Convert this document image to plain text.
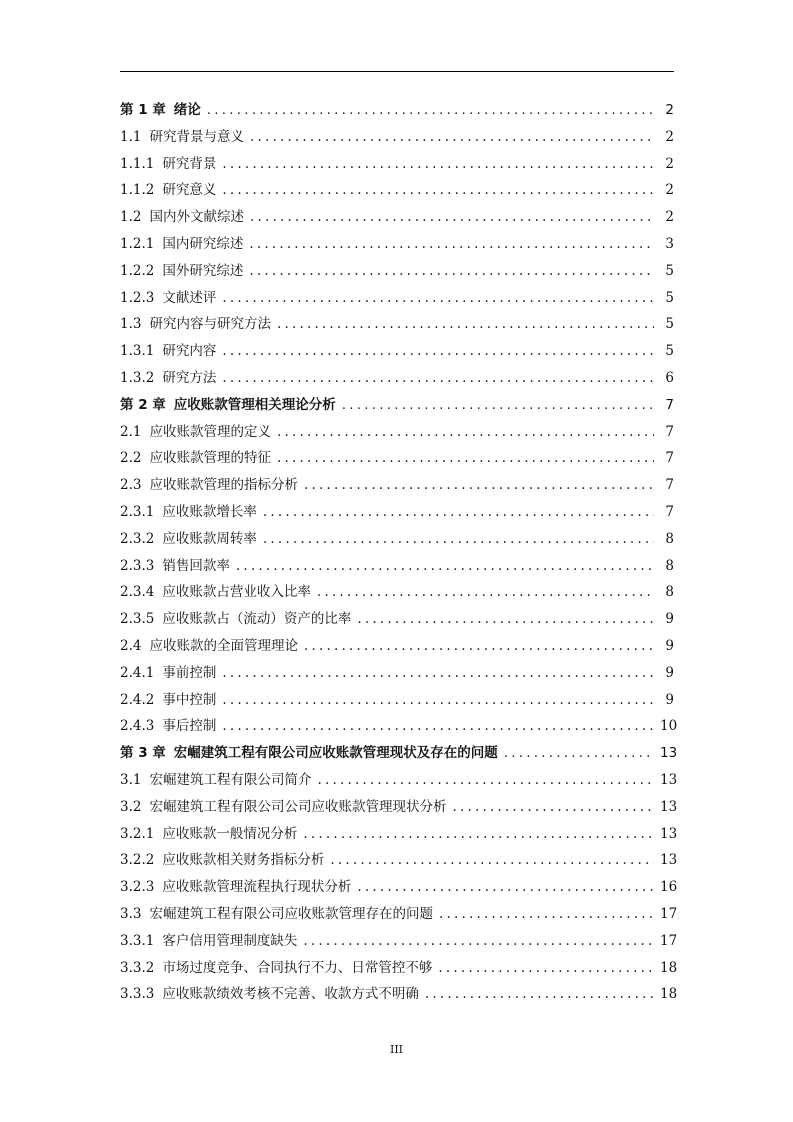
第 1 章 绪论 .....	2
1.1 研究背景与意义 .....	2
1.1.1 研究背景 .....	2
1.1.2 研究意义 .....	2
1.2 国内外文献综述 .....	2
1.2.1 国内研究综述 .....	3
1.2.2 国外研究综述 .....	5
1.2.3 文献述评 .....	5
1.3 研究内容与研究方法 .....	5
1.3.1 研究内容 .....	5
1.3.2 研究方法 .....	6
第 2 章 应收账款管理相关理论分析 .....	7
2.1 应收账款管理的定义 .....	7
2.2 应收账款管理的特征 .....	7
2.3 应收账款管理的指标分析 .....	7
2.3.1 应收账款增长率 .....	7
2.3.2 应收账款周转率 .....	8
2.3.3 销售回款率 .....	8
2.3.4 应收账款占营业收入比率 .....	8
2.3.5 应收账款占（流动）资产的比率 .....	9
2.4 应收账款的全面管理理论 .....	9
2.4.1 事前控制 .....	9
2.4.2 事中控制 .....	9
2.4.3 事后控制 .....	10
第 3 章 宏崛建筑工程有限公司应收账款管理现状及存在的问题 .....	13
3.1 宏崛建筑工程有限公司简介 .....	13
3.2 宏崛建筑工程有限公司公司应收账款管理现状分析 .....	13
3.2.1 应收账款一般情况分析 .....	13
3.2.2 应收账款相关财务指标分析 .....	13
3.2.3 应收账款管理流程执行现状分析 .....	16
3.3 宏崛建筑工程有限公司应收账款管理存在的问题 .....	17
3.3.1 客户信用管理制度缺失 .....	17
3.3.2 市场过度竞争、合同执行不力、日常管控不够 .....	18
3.3.3 应收账款绩效考核不完善、收款方式不明确 .....	18
III
